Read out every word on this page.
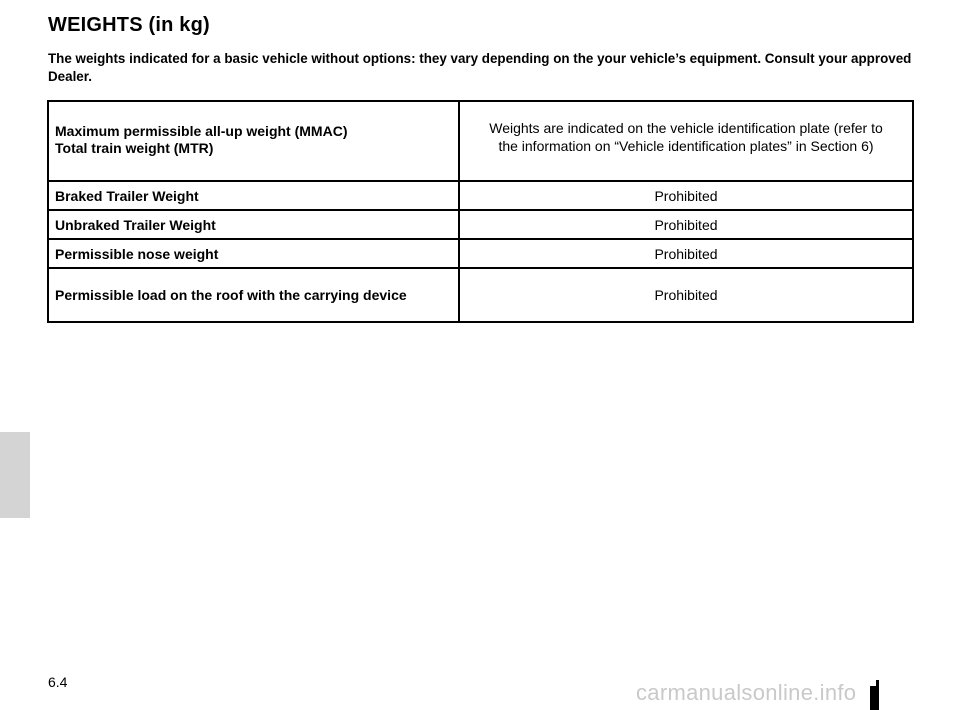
WEIGHTS (in kg)

The weights indicated for a basic vehicle without options: they vary depending on the your vehicle’s equipment. Consult your approved Dealer.

Maximum permissible all-up weight (MMAC)
Total train weight (MTR)	Weights are indicated on the vehicle identification plate (refer to
the information on “Vehicle identification plates” in Section 6)

Braked Trailer Weight	Prohibited
Unbraked Trailer Weight	Prohibited
Permissible nose weight	Prohibited
Permissible load on the roof with the carrying device	Prohibited
6.4	carmanualsonline.info
